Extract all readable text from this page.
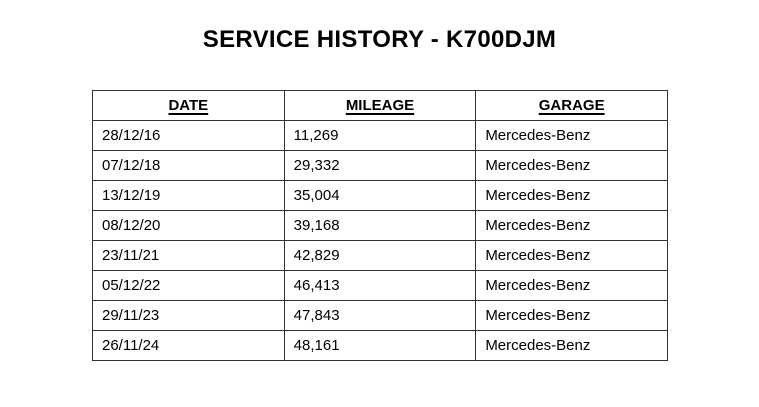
SERVICE HISTORY - K700DJM
DATE	MILEAGE	GARAGE
28/12/16	11,269	Mercedes-Benz
07/12/18	29,332	Mercedes-Benz
13/12/19	35,004	Mercedes-Benz
08/12/20	39,168	Mercedes-Benz
23/11/21	42,829	Mercedes-Benz
05/12/22	46,413	Mercedes-Benz
29/11/23	47,843	Mercedes-Benz
26/11/24	48,161	Mercedes-Benz
